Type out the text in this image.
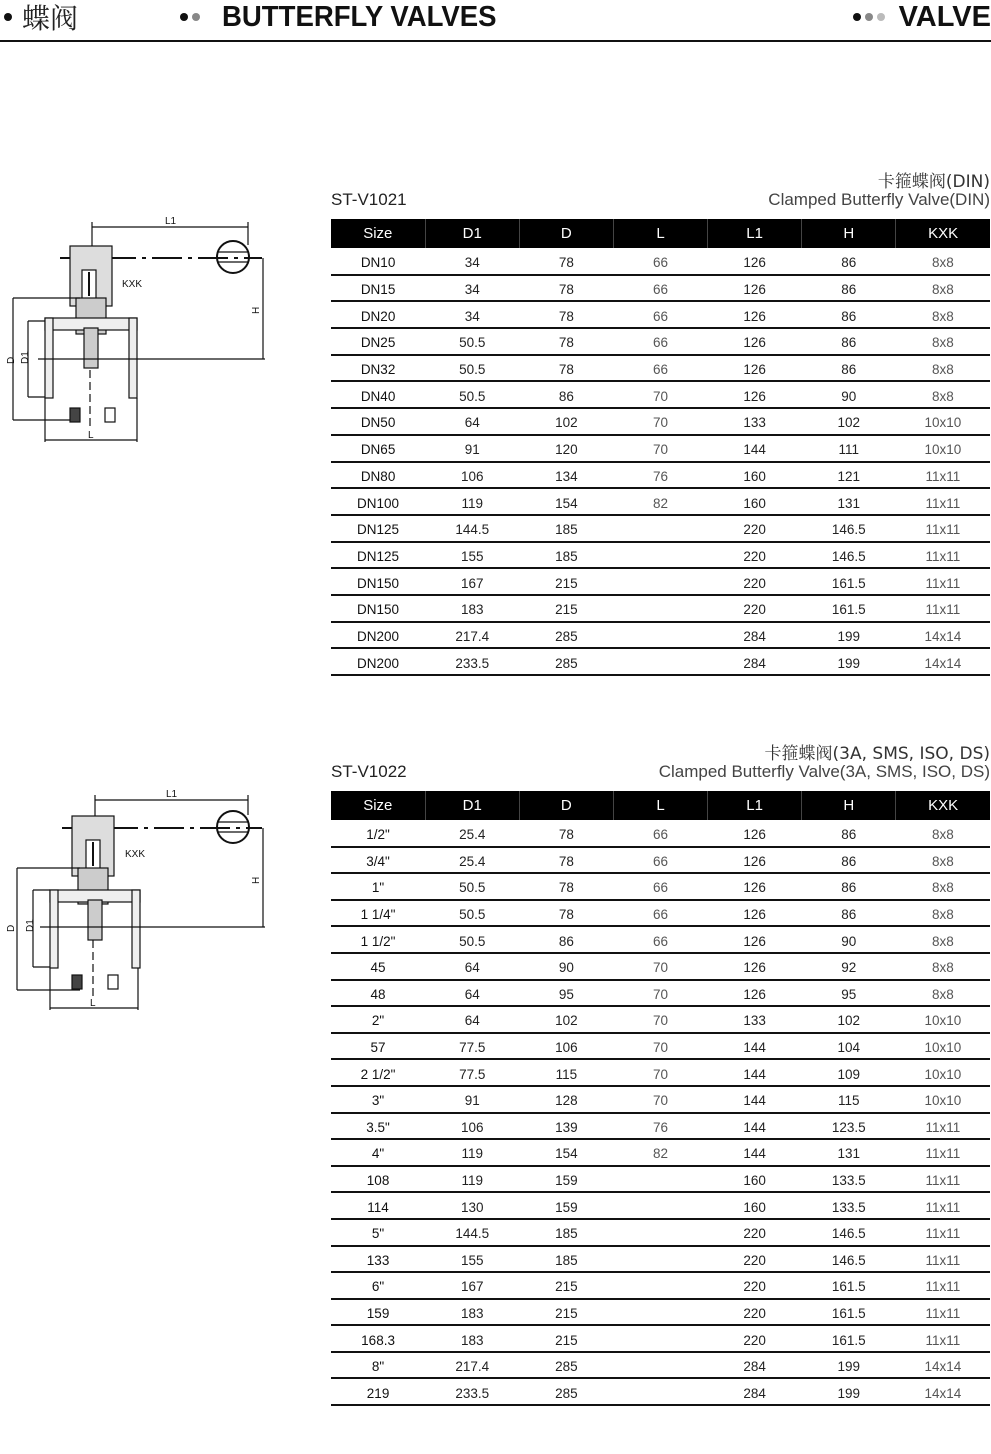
蝶阀	BUTTERFLY VALVES	VALVE
ST-V1021
卡箍蝶阀(DIN)
Clamped Butterfly Valve(DIN)
L1
KXK
H
D D1
L
Size	D1	D	L	L1	H	KXK
DN10	34	78	66	126	86	8x8
DN15	34	78	66	126	86	8x8
DN20	34	78	66	126	86	8x8
DN25	50.5	78	66	126	86	8x8
DN32	50.5	78	66	126	86	8x8
DN40	50.5	86	70	126	90	8x8
DN50	64	102	70	133	102	10x10
DN65	91	120	70	144	111	10x10
DN80	106	134	76	160	121	11x11
DN100	119	154	82	160	131	11x11
DN125	144.5	185		220	146.5	11x11
DN125	155	185		220	146.5	11x11
DN150	167	215		220	161.5	11x11
DN150	183	215		220	161.5	11x11
DN200	217.4	285		284	199	14x14
DN200	233.5	285		284	199	14x14
ST-V1022
卡箍蝶阀(3A, SMS, ISO, DS)
Clamped Butterfly Valve(3A, SMS, ISO, DS)
L1
KXK
H
D D1
L
Size	D1	D	L	L1	H	KXK
1/2"	25.4	78	66	126	86	8x8
3/4"	25.4	78	66	126	86	8x8
1"	50.5	78	66	126	86	8x8
1 1/4"	50.5	78	66	126	86	8x8
1 1/2"	50.5	86	66	126	90	8x8
45	64	90	70	126	92	8x8
48	64	95	70	126	95	8x8
2"	64	102	70	133	102	10x10
57	77.5	106	70	144	104	10x10
2 1/2"	77.5	115	70	144	109	10x10
3"	91	128	70	144	115	10x10
3.5"	106	139	76	144	123.5	11x11
4"	119	154	82	144	131	11x11
108	119	159		160	133.5	11x11
114	130	159		160	133.5	11x11
5"	144.5	185		220	146.5	11x11
133	155	185		220	146.5	11x11
6"	167	215		220	161.5	11x11
159	183	215		220	161.5	11x11
168.3	183	215		220	161.5	11x11
8"	217.4	285		284	199	14x14
219	233.5	285		284	199	14x14
